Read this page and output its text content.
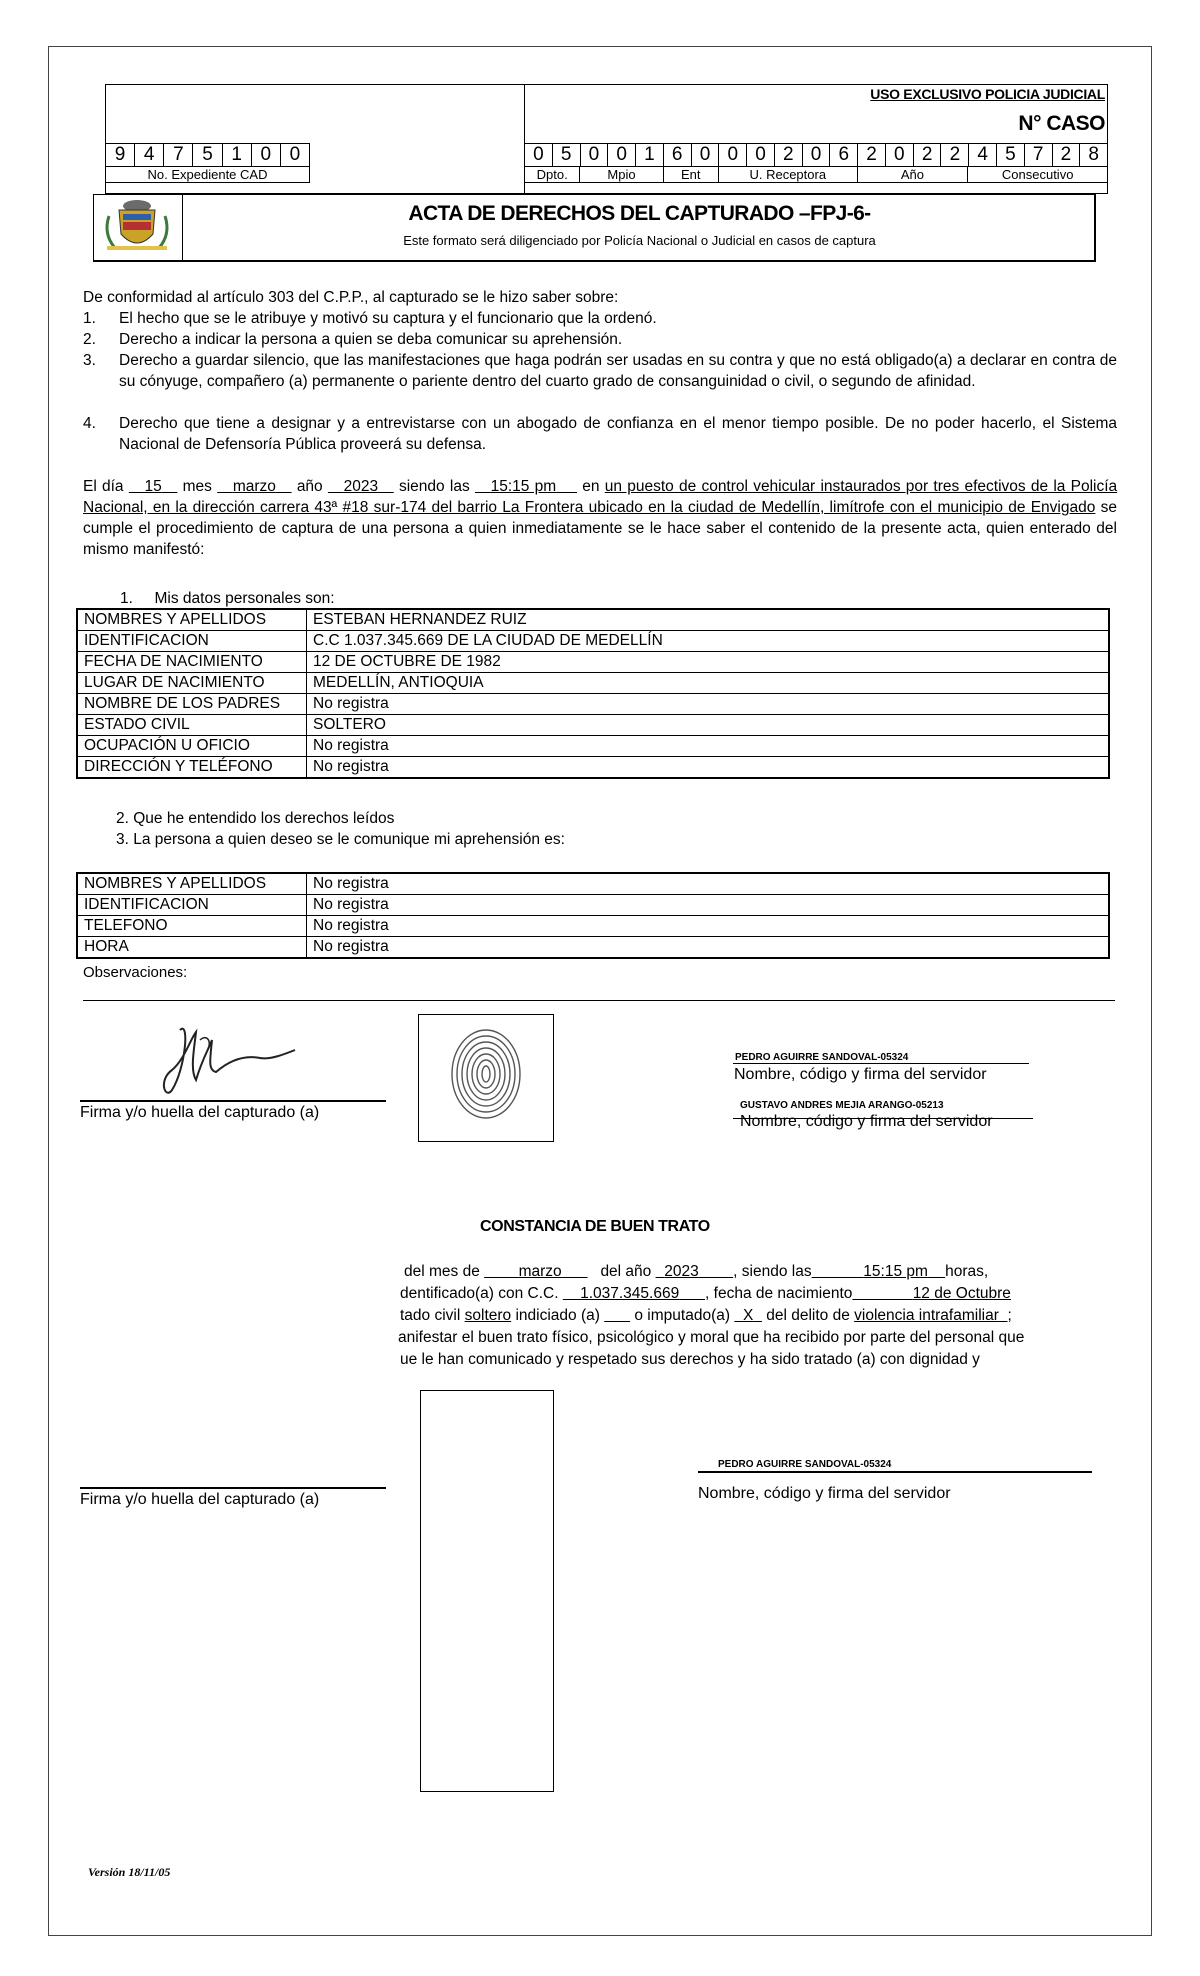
USO EXCLUSIVO POLICIA JUDICIAL
N° CASO
9 4 7 5 1 0 0
No. Expediente CAD
0 5 0 0 1 6 0 0 0 2 0 6 2 0 2 2 4 5 7 2 8
Dpto.	Mpio	Ent	U. Receptora	Año	Consecutivo
ACTA DE DERECHOS DEL CAPTURADO –FPJ-6-
Este formato será diligenciado por Policía Nacional o Judicial en casos de captura
De conformidad al artículo 303 del C.P.P., al capturado se le hizo saber sobre:
1. El hecho que se le atribuye y motivó su captura y el funcionario que la ordenó.
2. Derecho a indicar la persona a quien se deba comunicar su aprehensión.
3. Derecho a guardar silencio, que las manifestaciones que haga podrán ser usadas en su contra y que no está obligado(a) a declarar en contra de su cónyuge, compañero (a) permanente o pariente dentro del cuarto grado de consanguinidad o civil, o segundo de afinidad.
4. Derecho que tiene a designar y a entrevistarse con un abogado de confianza en el menor tiempo posible. De no poder hacerlo, el Sistema Nacional de Defensoría Pública proveerá su defensa.
El día 15 mes marzo año 2023 siendo las 15:15 pm en un puesto de control vehicular instaurados por tres efectivos de la Policía Nacional, en la dirección carrera 43ª #18 sur-174 del barrio La Frontera ubicado en la ciudad de Medellín, limítrofe con el municipio de Envigado se cumple el procedimiento de captura de una persona a quien inmediatamente se le hace saber el contenido de la presente acta, quien enterado del mismo manifestó:
1. Mis datos personales son:
NOMBRES Y APELLIDOS	ESTEBAN HERNANDEZ RUIZ
IDENTIFICACION	C.C 1.037.345.669 DE LA CIUDAD DE MEDELLÍN
FECHA DE NACIMIENTO	12 DE OCTUBRE DE 1982
LUGAR DE NACIMIENTO	MEDELLÍN, ANTIOQUIA
NOMBRE DE LOS PADRES	No registra
ESTADO CIVIL	SOLTERO
OCUPACIÓN U OFICIO	No registra
DIRECCIÓN Y TELÉFONO	No registra
2. Que he entendido los derechos leídos
3. La persona a quien deseo se le comunique mi aprehensión es:
NOMBRES Y APELLIDOS	No registra
IDENTIFICACION	No registra
TELEFONO	No registra
HORA	No registra
Observaciones:
Firma y/o huella del capturado (a)
PEDRO AGUIRRE SANDOVAL-05324
Nombre, código y firma del servidor
GUSTAVO ANDRES MEJIA ARANGO-05213
Nombre, código y firma del servidor
CONSTANCIA DE BUEN TRATO
del mes de	marzo	del año 2023 , siendo las	15:15 pm horas,
dentificado(a) con C.C. 1.037.345.669 , fecha de nacimiento	12 de Octubre
tado civil soltero indiciado (a) o imputado(a) X del delito de violencia intrafamiliar ;
anifestar el buen trato físico, psicológico y moral que ha recibido por parte del personal que
ue le han comunicado y respetado sus derechos y ha sido tratado (a) con dignidad y
Firma y/o huella del capturado (a)
PEDRO AGUIRRE SANDOVAL-05324
Nombre, código y firma del servidor
Versión 18/11/05
